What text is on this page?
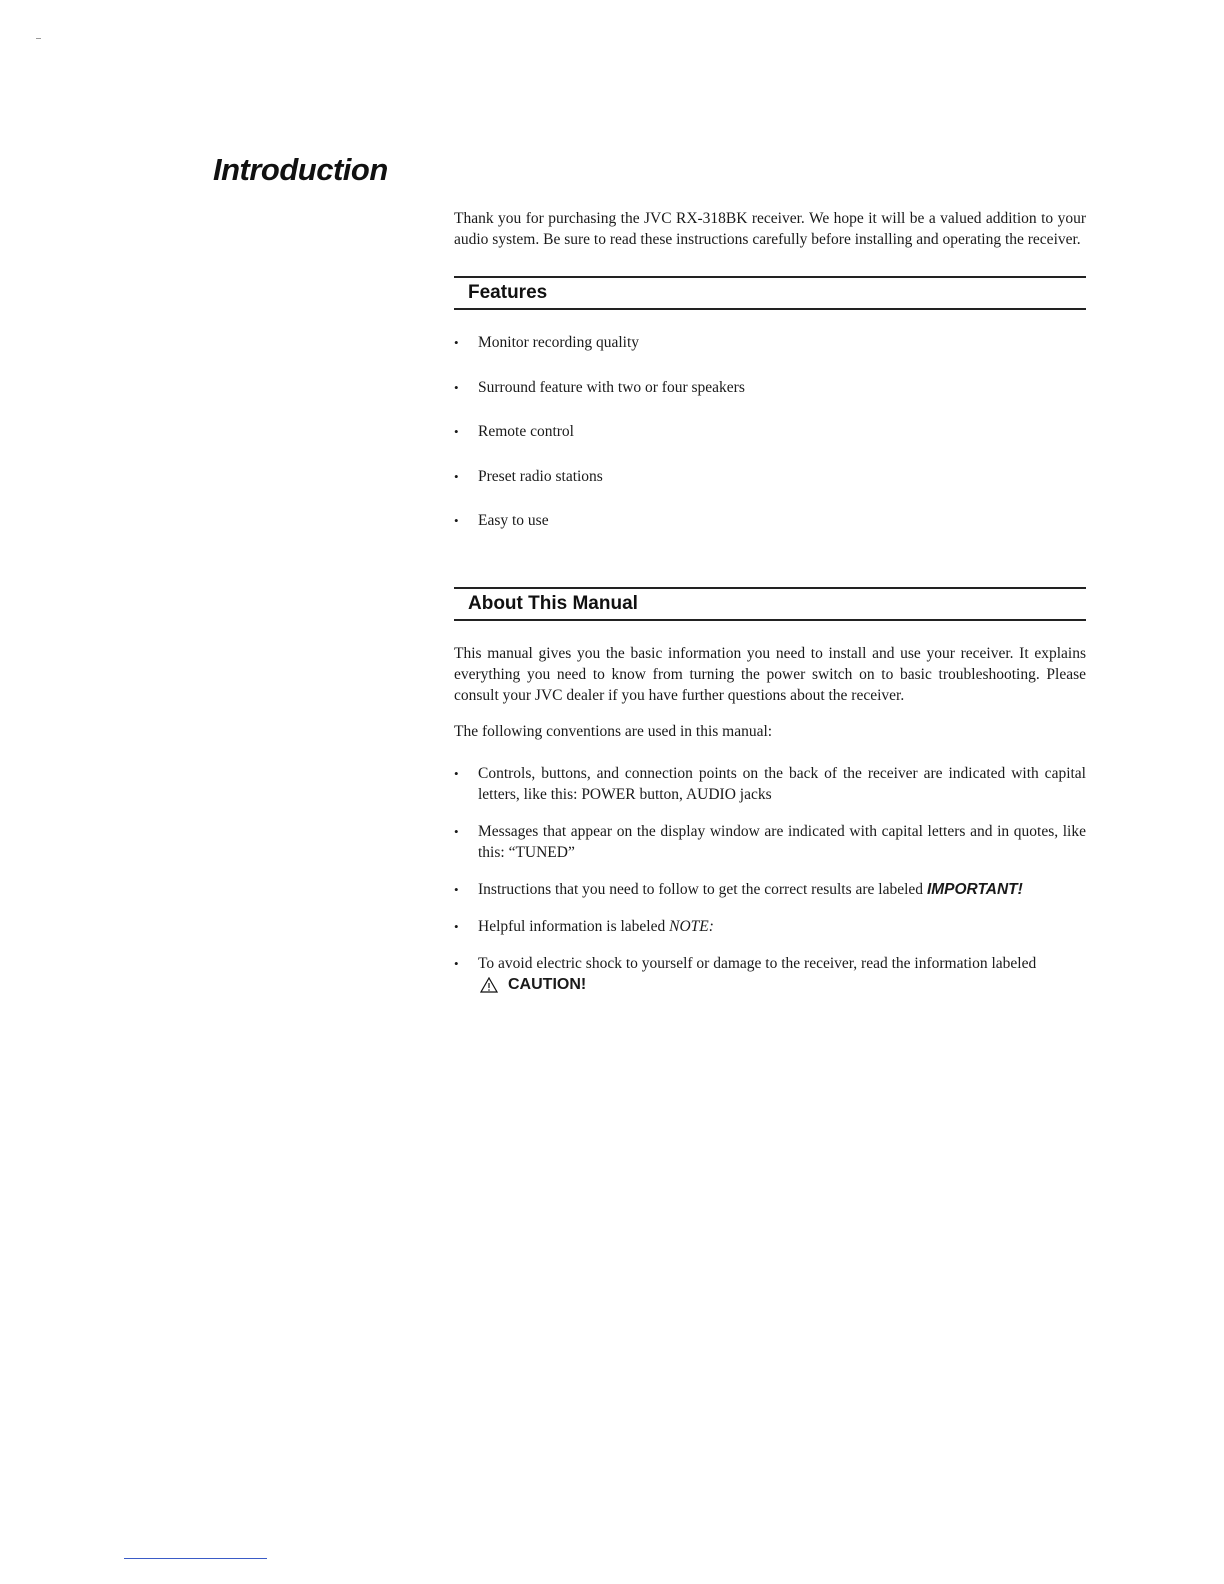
Introduction

Thank you for purchasing the JVC RX-318BK receiver. We hope it will be a valued addition to your audio system. Be sure to read these instructions carefully before installing and operating the receiver.

Features
• Monitor recording quality
• Surround feature with two or four speakers
• Remote control
• Preset radio stations
• Easy to use
About This Manual

This manual gives you the basic information you need to install and use your receiver. It explains everything you need to know from turning the power switch on to basic troubleshooting. Please consult your JVC dealer if you have further questions about the receiver.

The following conventions are used in this manual:

• Controls, buttons, and connection points on the back of the receiver are indicated with capital letters, like this: POWER button, AUDIO jacks
• Messages that appear on the display window are indicated with capital letters and in quotes, like this: “TUNED”
• Instructions that you need to follow to get the correct results are labeled IMPORTANT!
• Helpful information is labeled NOTE:
• To avoid electric shock to yourself or damage to the receiver, read the information labeled

CAUTION!
